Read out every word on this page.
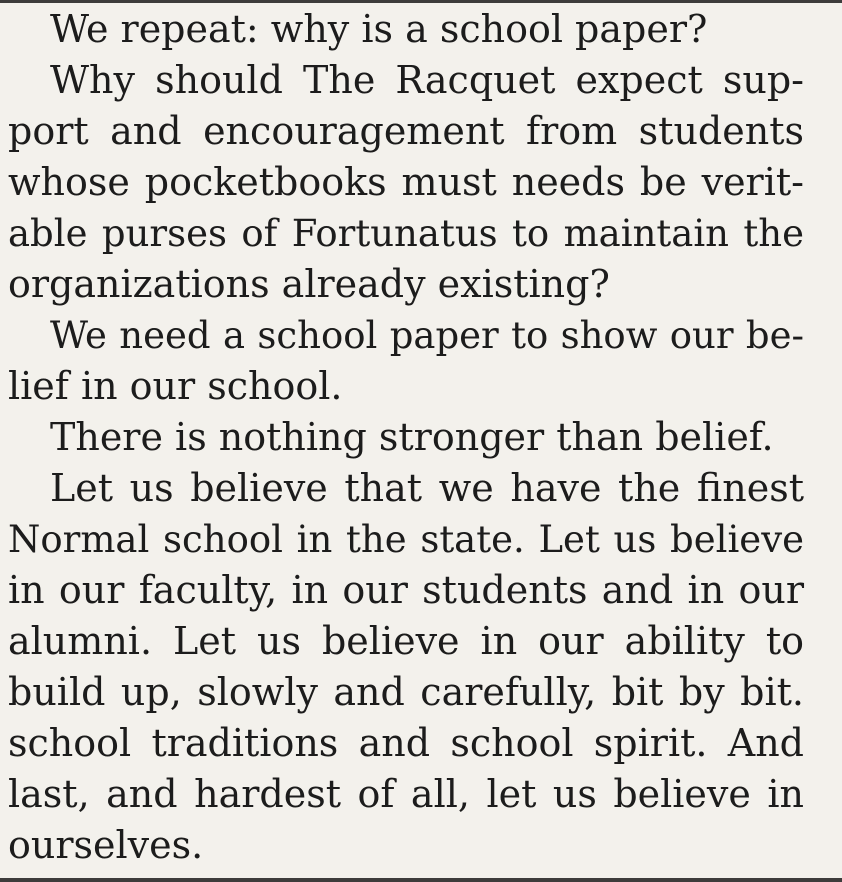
We repeat: why is a school paper?
Why should The Racquet expect sup-
port and encouragement from students
whose pocketbooks must needs be verit-
able purses of Fortunatus to maintain the
organizations already existing?
We need a school paper to show our be-
lief in our school.
There is nothing stronger than belief.
Let us believe that we have the finest
Normal school in the state. Let us believe
in our faculty, in our students and in our
alumni. Let us believe in our ability to
build up, slowly and carefully, bit by bit.
school traditions and school spirit. And
last, and hardest of all, let us believe in
ourselves.
